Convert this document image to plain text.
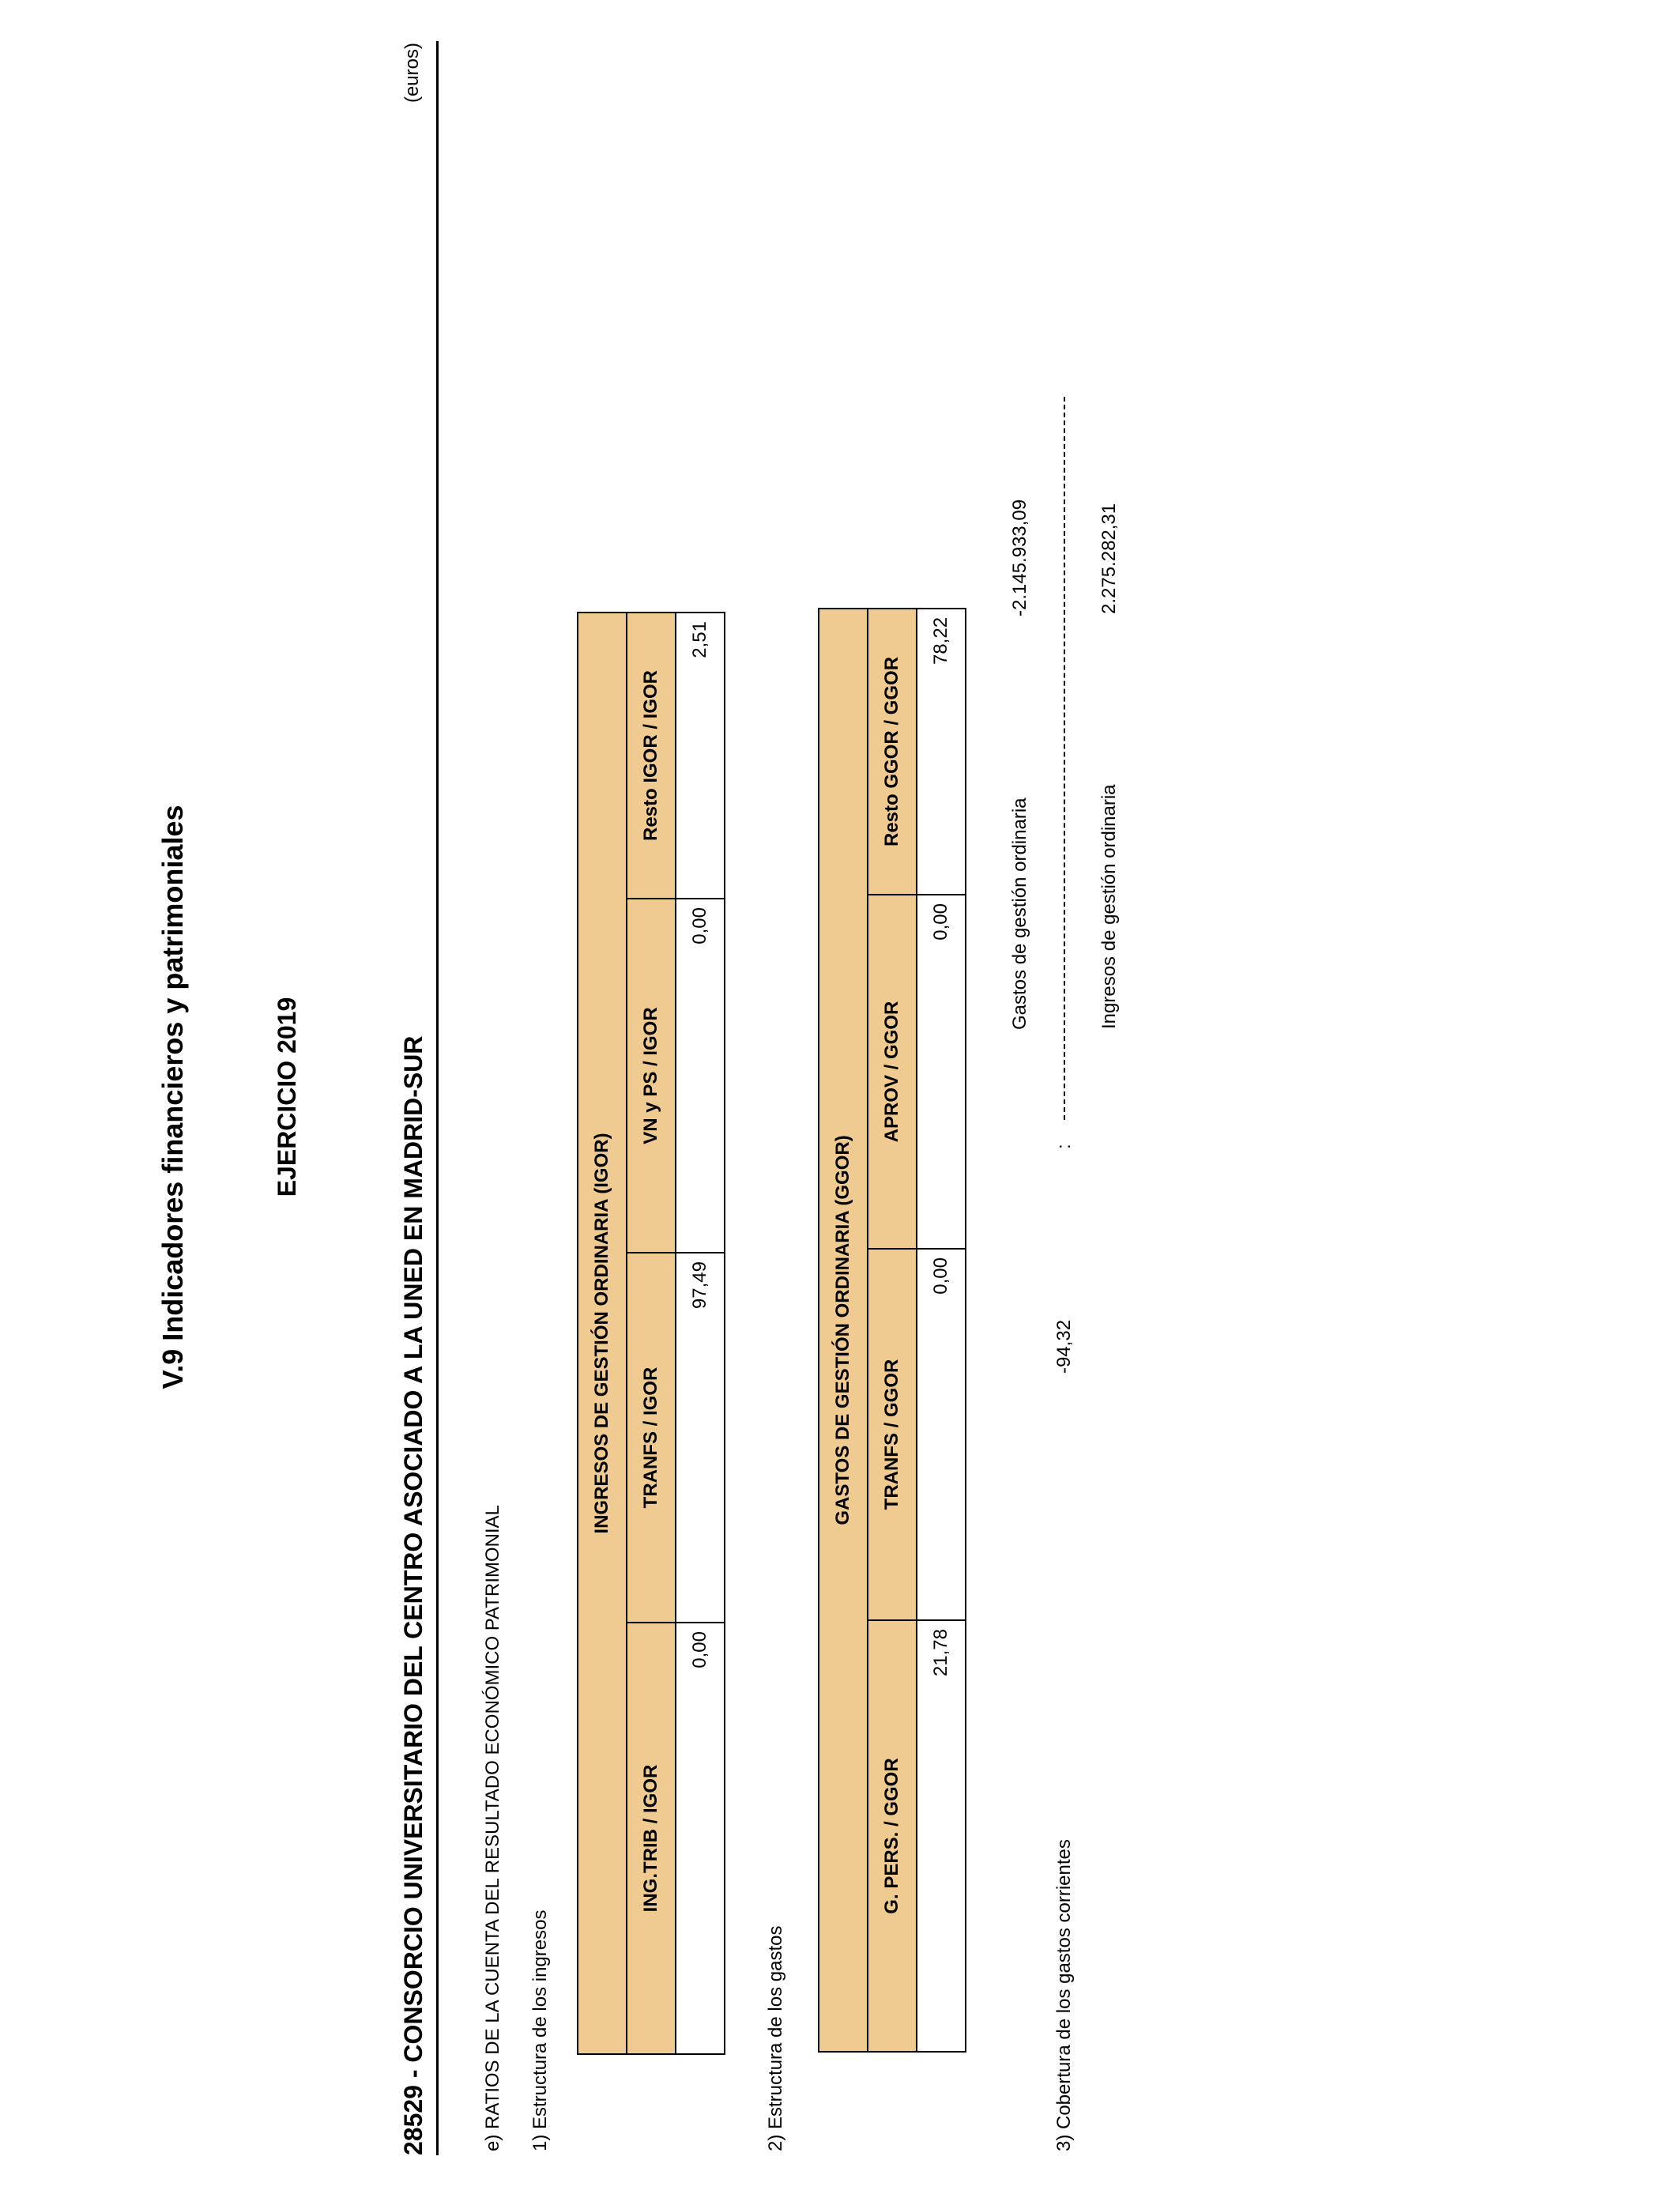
V.9 Indicadores financieros y patrimoniales	EJERCICIO 2019	28529 - CONSORCIO UNIVERSITARIO DEL CENTRO ASOCIADO A LA UNED EN MADRID-SUR
(euros)
e) RATIOS DE LA CUENTA DEL RESULTADO ECONÓMICO PATRIMONIAL 1) Estructura de los ingresos
INGRESOS DE GESTIÓN ORDINARIA (IGOR)			
ING.TRIB / IGOR	TRANFS / IGOR	VN y PS / IGOR	Resto IGOR / IGOR
0,00	97,49	0,00	2,51
2) Estructura de los gastos
GASTOS DE GESTIÓN ORDINARIA (GGOR)			
G. PERS. / GGOR	TRANFS / GGOR	APROV / GGOR	Resto GGOR / GGOR
21,78	0,00	0,00	78,22
3) Cobertura de los gastos corrientes
-94,32
:
Gastos de gestión ordinaria
-2.145.933,09
Ingresos de gestión ordinaria
2.275.282,31
